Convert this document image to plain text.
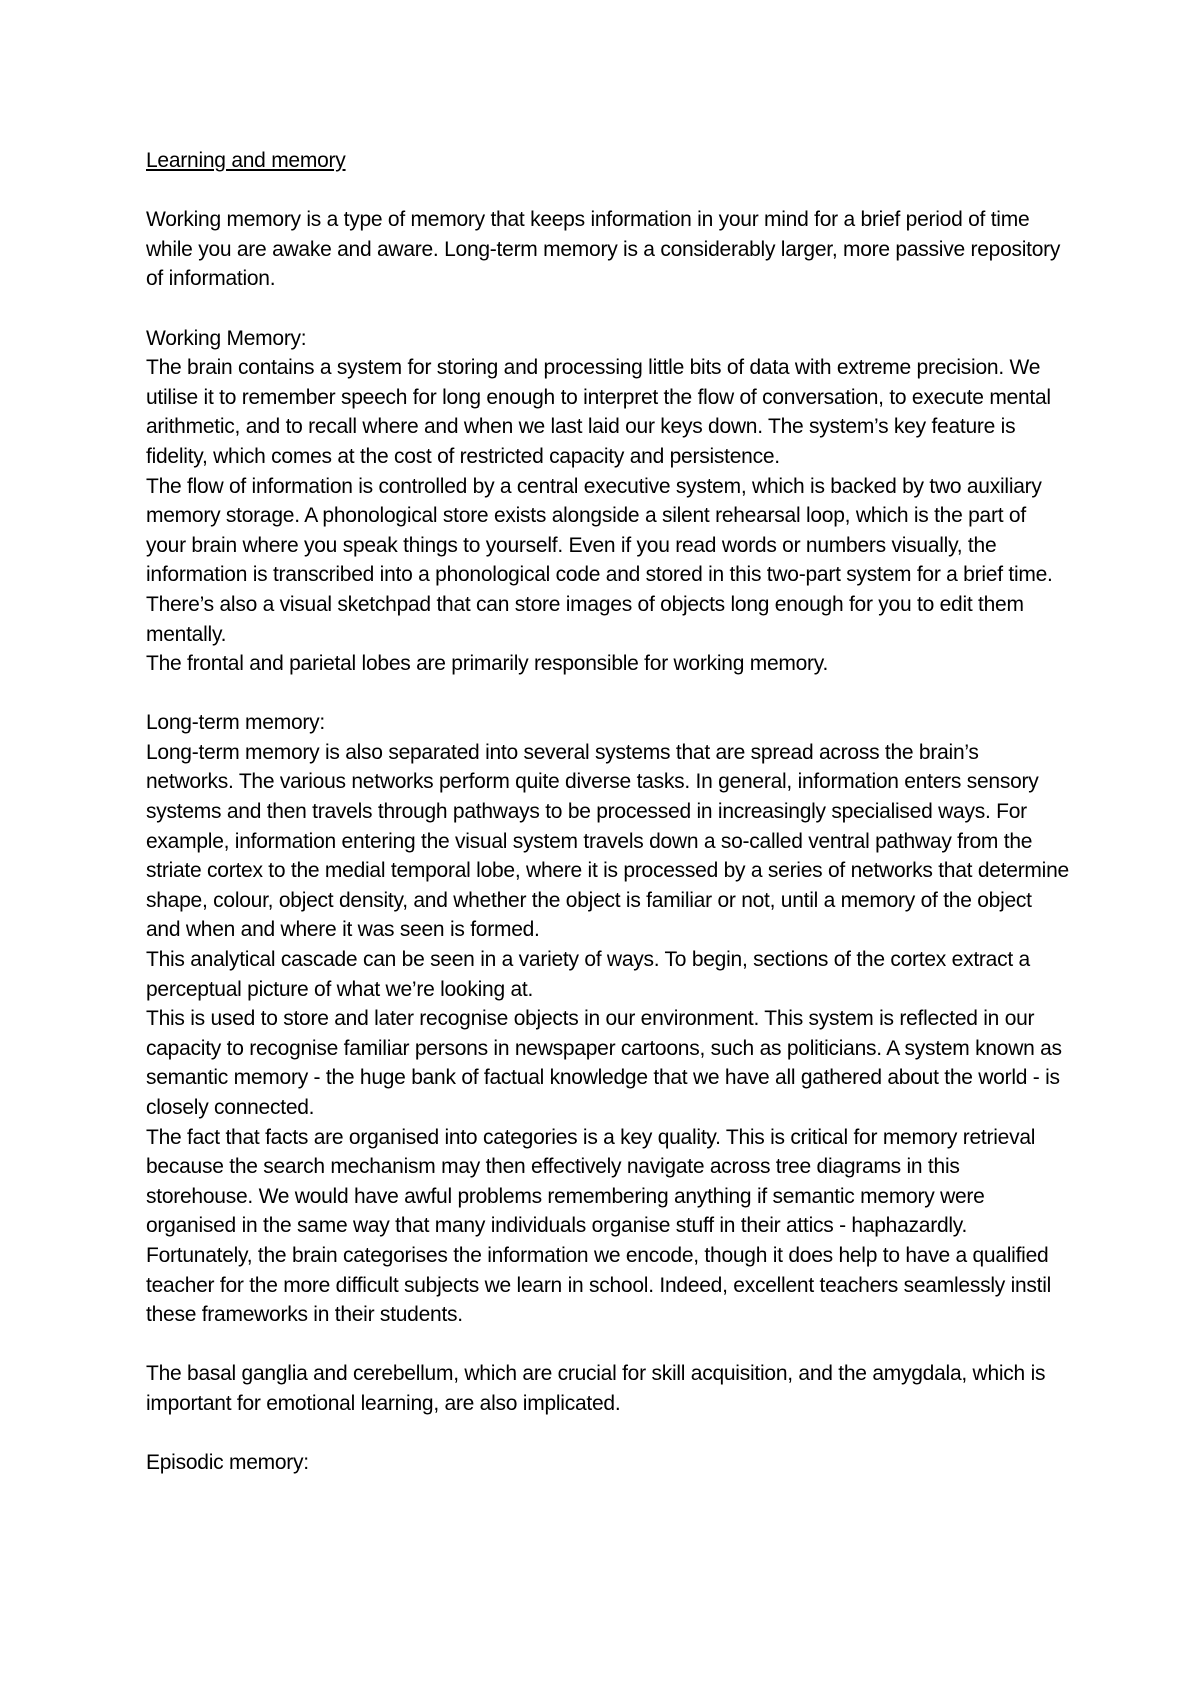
Learning and memory

Working memory is a type of memory that keeps information in your mind for a brief period of time while you are awake and aware. Long-term memory is a considerably larger, more passive repository of information.

Working Memory:

The brain contains a system for storing and processing little bits of data with extreme precision. We utilise it to remember speech for long enough to interpret the flow of conversation, to execute mental arithmetic, and to recall where and when we last laid our keys down. The system’s key feature is fidelity, which comes at the cost of restricted capacity and persistence.

The flow of information is controlled by a central executive system, which is backed by two auxiliary memory storage. A phonological store exists alongside a silent rehearsal loop, which is the part of your brain where you speak things to yourself. Even if you read words or numbers visually, the information is transcribed into a phonological code and stored in this two-part system for a brief time. There’s also a visual sketchpad that can store images of objects long enough for you to edit them mentally.

The frontal and parietal lobes are primarily responsible for working memory.

Long-term memory:

Long-term memory is also separated into several systems that are spread across the brain’s networks. The various networks perform quite diverse tasks. In general, information enters sensory systems and then travels through pathways to be processed in increasingly specialised ways. For example, information entering the visual system travels down a so-called ventral pathway from the striate cortex to the medial temporal lobe, where it is processed by a series of networks that determine shape, colour, object density, and whether the object is familiar or not, until a memory of the object and when and where it was seen is formed.

This analytical cascade can be seen in a variety of ways. To begin, sections of the cortex extract a perceptual picture of what we’re looking at.

This is used to store and later recognise objects in our environment. This system is reflected in our capacity to recognise familiar persons in newspaper cartoons, such as politicians. A system known as semantic memory - the huge bank of factual knowledge that we have all gathered about the world - is closely connected.

The fact that facts are organised into categories is a key quality. This is critical for memory retrieval because the search mechanism may then effectively navigate across tree diagrams in this storehouse. We would have awful problems remembering anything if semantic memory were organised in the same way that many individuals organise stuff in their attics - haphazardly. Fortunately, the brain categorises the information we encode, though it does help to have a qualified teacher for the more difficult subjects we learn in school. Indeed, excellent teachers seamlessly instil these frameworks in their students.

The basal ganglia and cerebellum, which are crucial for skill acquisition, and the amygdala, which is important for emotional learning, are also implicated.

Episodic memory:
